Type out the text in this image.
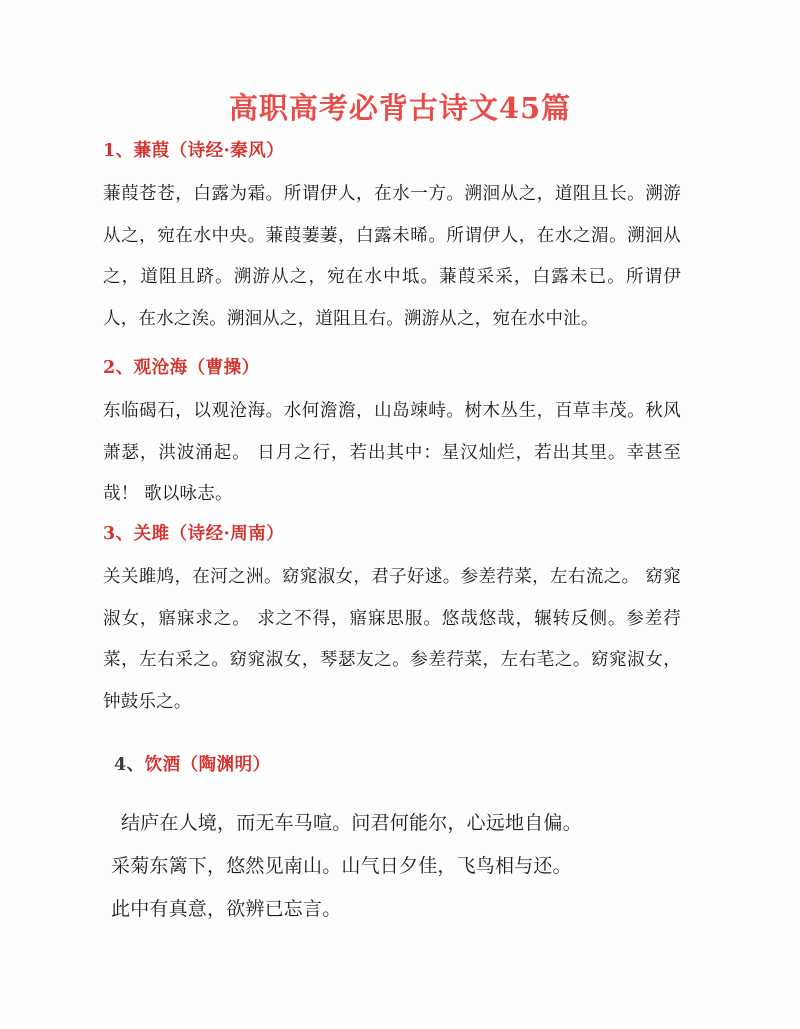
高职高考必背古诗文45篇
1、蒹葭（诗经·秦风）
蒹葭苍苍，白露为霜。所谓伊人，在水一方。溯洄从之，道阻且长。溯游从之，宛在水中央。蒹葭萋萋，白露未晞。所谓伊人，在水之湄。溯洄从之，道阻且跻。溯游从之，宛在水中坻。蒹葭采采，白露未已。所谓伊人，在水之涘。溯洄从之，道阻且右。溯游从之，宛在水中沚。
2、观沧海（曹操）
东临碣石，以观沧海。水何澹澹，山岛竦峙。树木丛生，百草丰茂。秋风萧瑟，洪波涌起。 日月之行，若出其中：星汉灿烂，若出其里。幸甚至哉！ 歌以咏志。
3、关雎（诗经·周南）
关关雎鸠，在河之洲。窈窕淑女，君子好逑。参差荇菜，左右流之。 窈窕淑女，寤寐求之。 求之不得，寤寐思服。悠哉悠哉，辗转反侧。参差荇菜，左右采之。窈窕淑女，琴瑟友之。参差荇菜，左右芼之。窈窕淑女，钟鼓乐之。
4、饮酒（陶渊明）
结庐在人境，而无车马喧。问君何能尔，心远地自偏。
采菊东篱下，悠然见南山。山气日夕佳，飞鸟相与还。
此中有真意，欲辨已忘言。
